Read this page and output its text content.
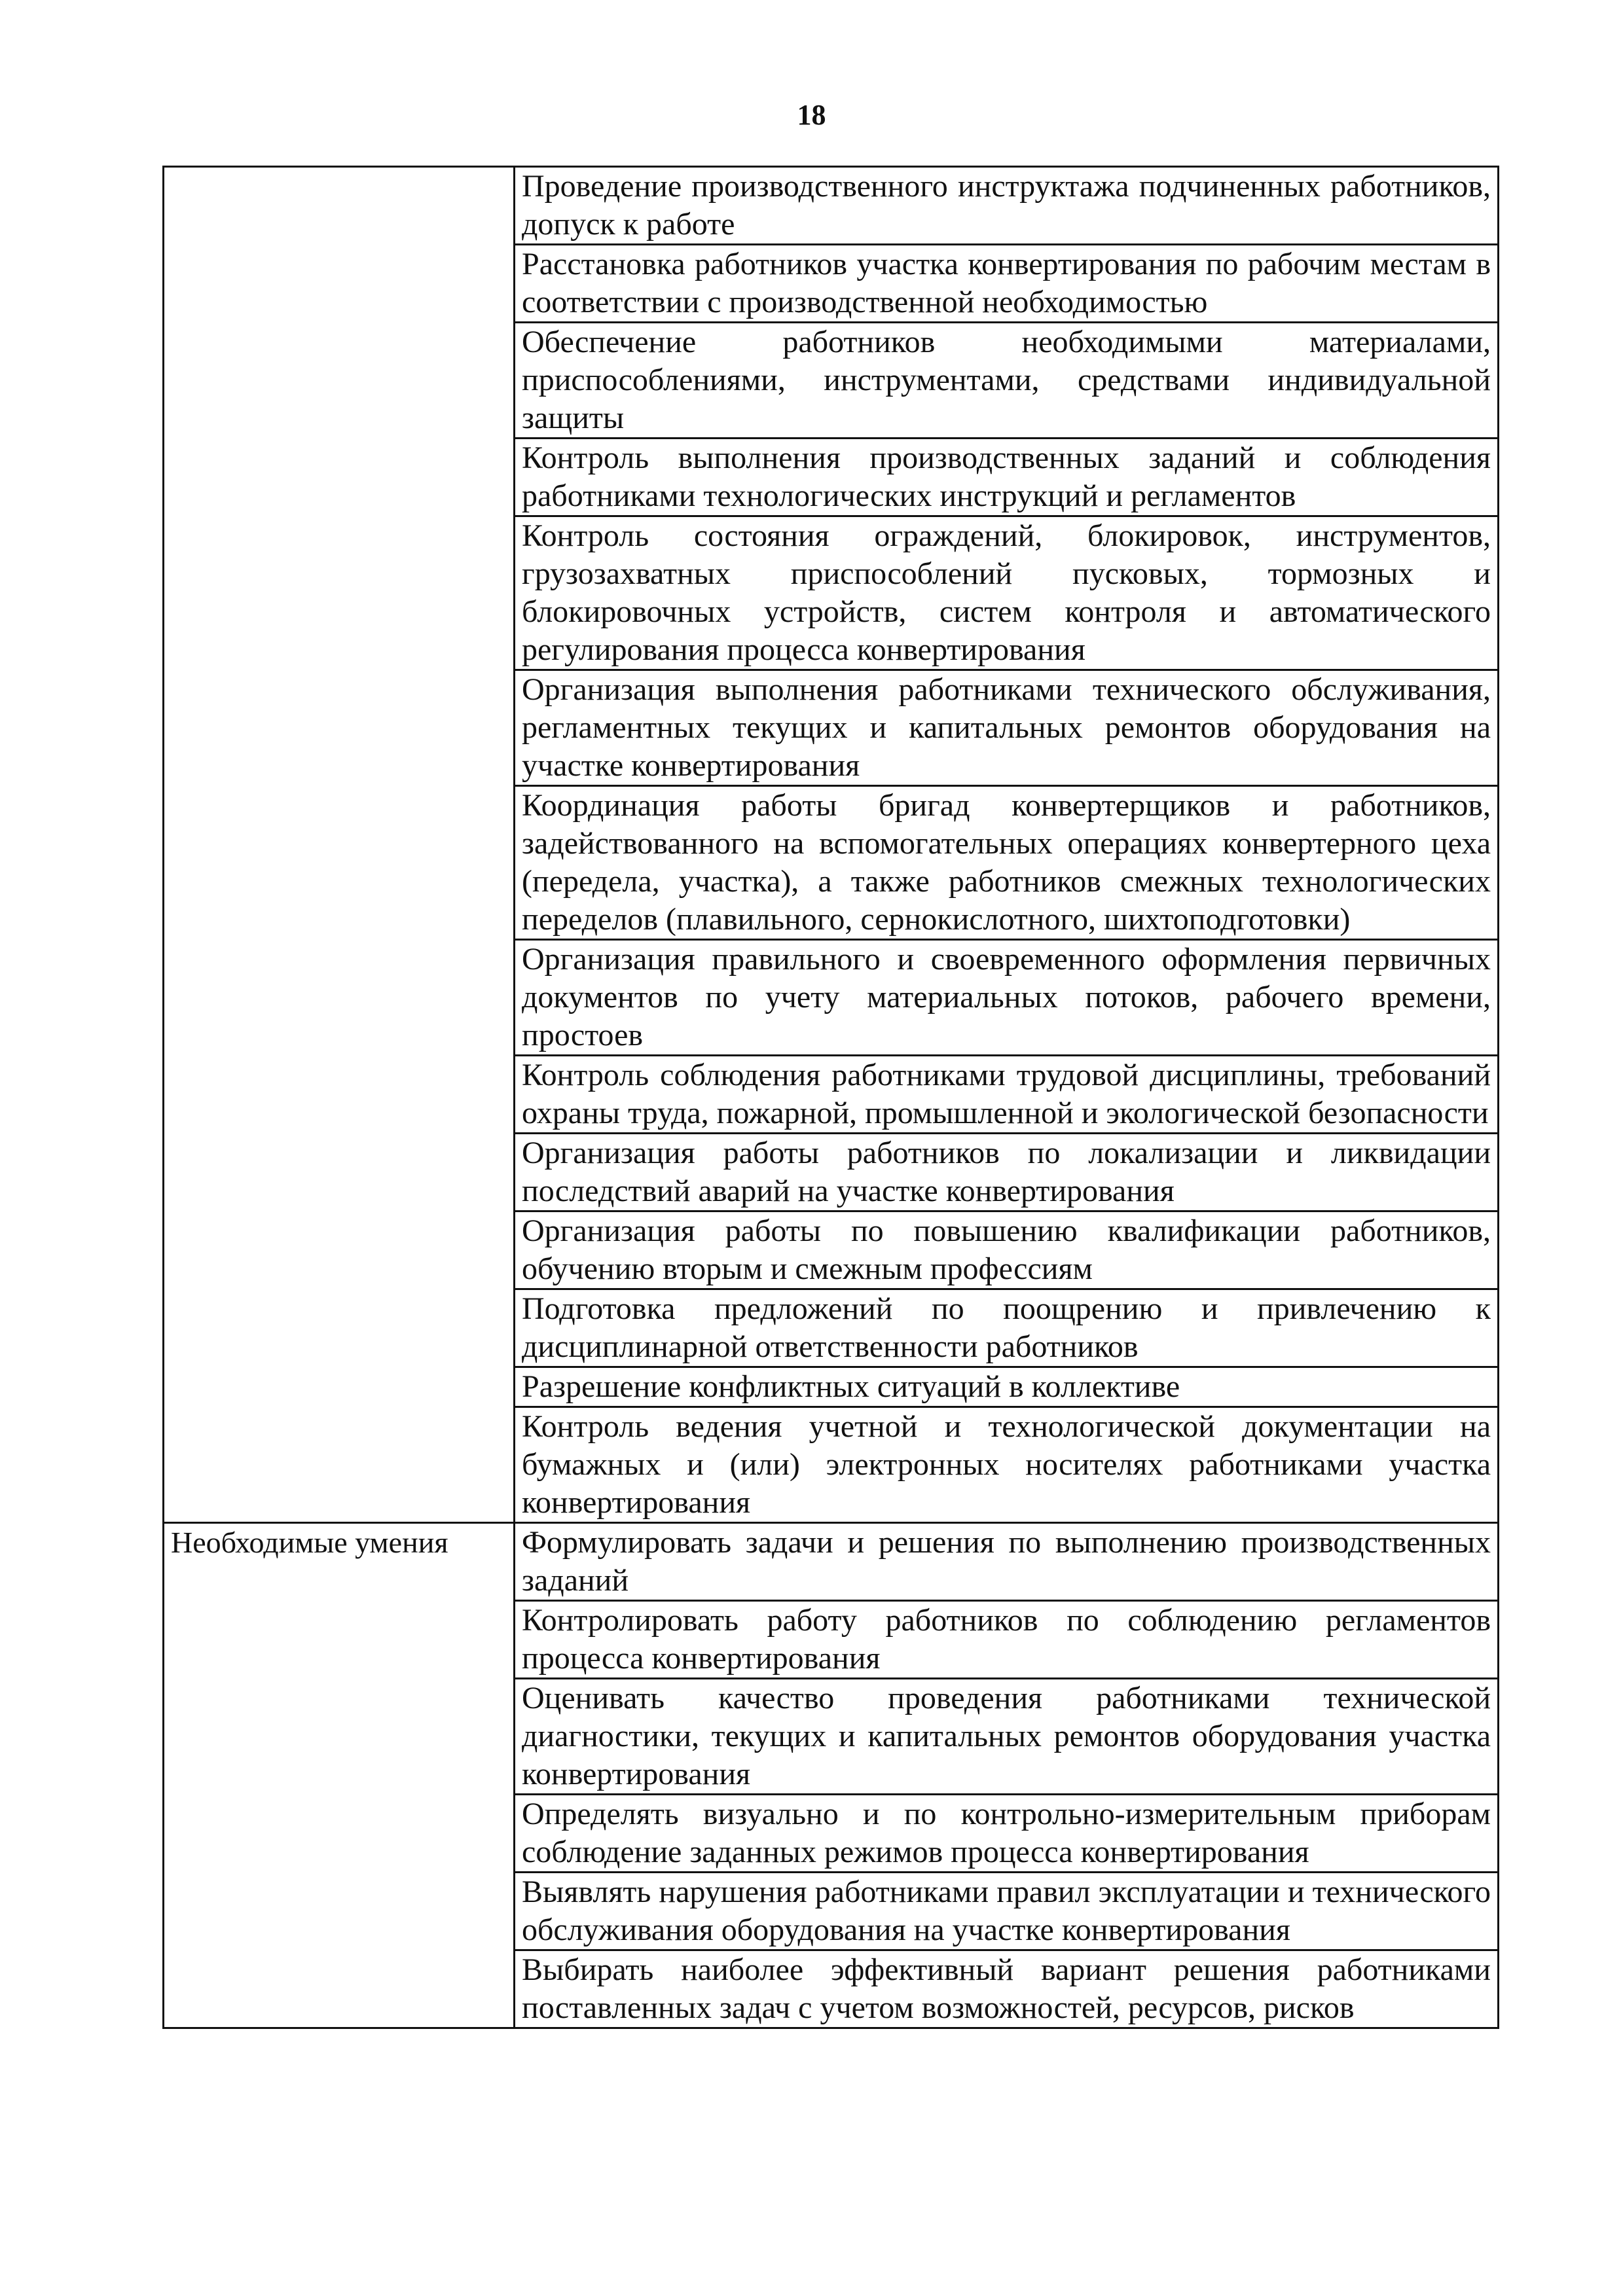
18
	Проведение производственного инструктажа подчиненных работников, допуск к работе
	Расстановка работников участка конвертирования по рабочим местам в соответствии с производственной необходимостью
	Обеспечение работников необходимыми материалами, приспособлениями, инструментами, средствами индивидуальной защиты
	Контроль выполнения производственных заданий и соблюдения работниками технологических инструкций и регламентов
	Контроль состояния ограждений, блокировок, инструментов, грузозахватных приспособлений пусковых, тормозных и блокировочных устройств, систем контроля и автоматического регулирования процесса конвертирования
	Организация выполнения работниками технического обслуживания, регламентных текущих и капитальных ремонтов оборудования на участке конвертирования
	Координация работы бригад конвертерщиков и работников, задействованного на вспомогательных операциях конвертерного цеха (передела, участка), а также работников смежных технологических переделов (плавильного, сернокислотного, шихтоподготовки)
	Организация правильного и своевременного оформления первичных документов по учету материальных потоков, рабочего времени, простоев
	Контроль соблюдения работниками трудовой дисциплины, требований охраны труда, пожарной, промышленной и экологической безопасности
	Организация работы работников по локализации и ликвидации последствий аварий на участке конвертирования
	Организация работы по повышению квалификации работников, обучению вторым и смежным профессиям
	Подготовка предложений по поощрению и привлечению к дисциплинарной ответственности работников
	Разрешение конфликтных ситуаций в коллективе
	Контроль ведения учетной и технологической документации на бумажных и (или) электронных носителях работниками участка конвертирования
Необходимые умения	Формулировать задачи и решения по выполнению производственных заданий
	Контролировать работу работников по соблюдению регламентов процесса конвертирования
	Оценивать качество проведения работниками технической диагностики, текущих и капитальных ремонтов оборудования участка конвертирования
	Определять визуально и по контрольно-измерительным приборам соблюдение заданных режимов процесса конвертирования
	Выявлять нарушения работниками правил эксплуатации и технического обслуживания оборудования на участке конвертирования
	Выбирать наиболее эффективный вариант решения работниками поставленных задач с учетом возможностей, ресурсов, рисков
